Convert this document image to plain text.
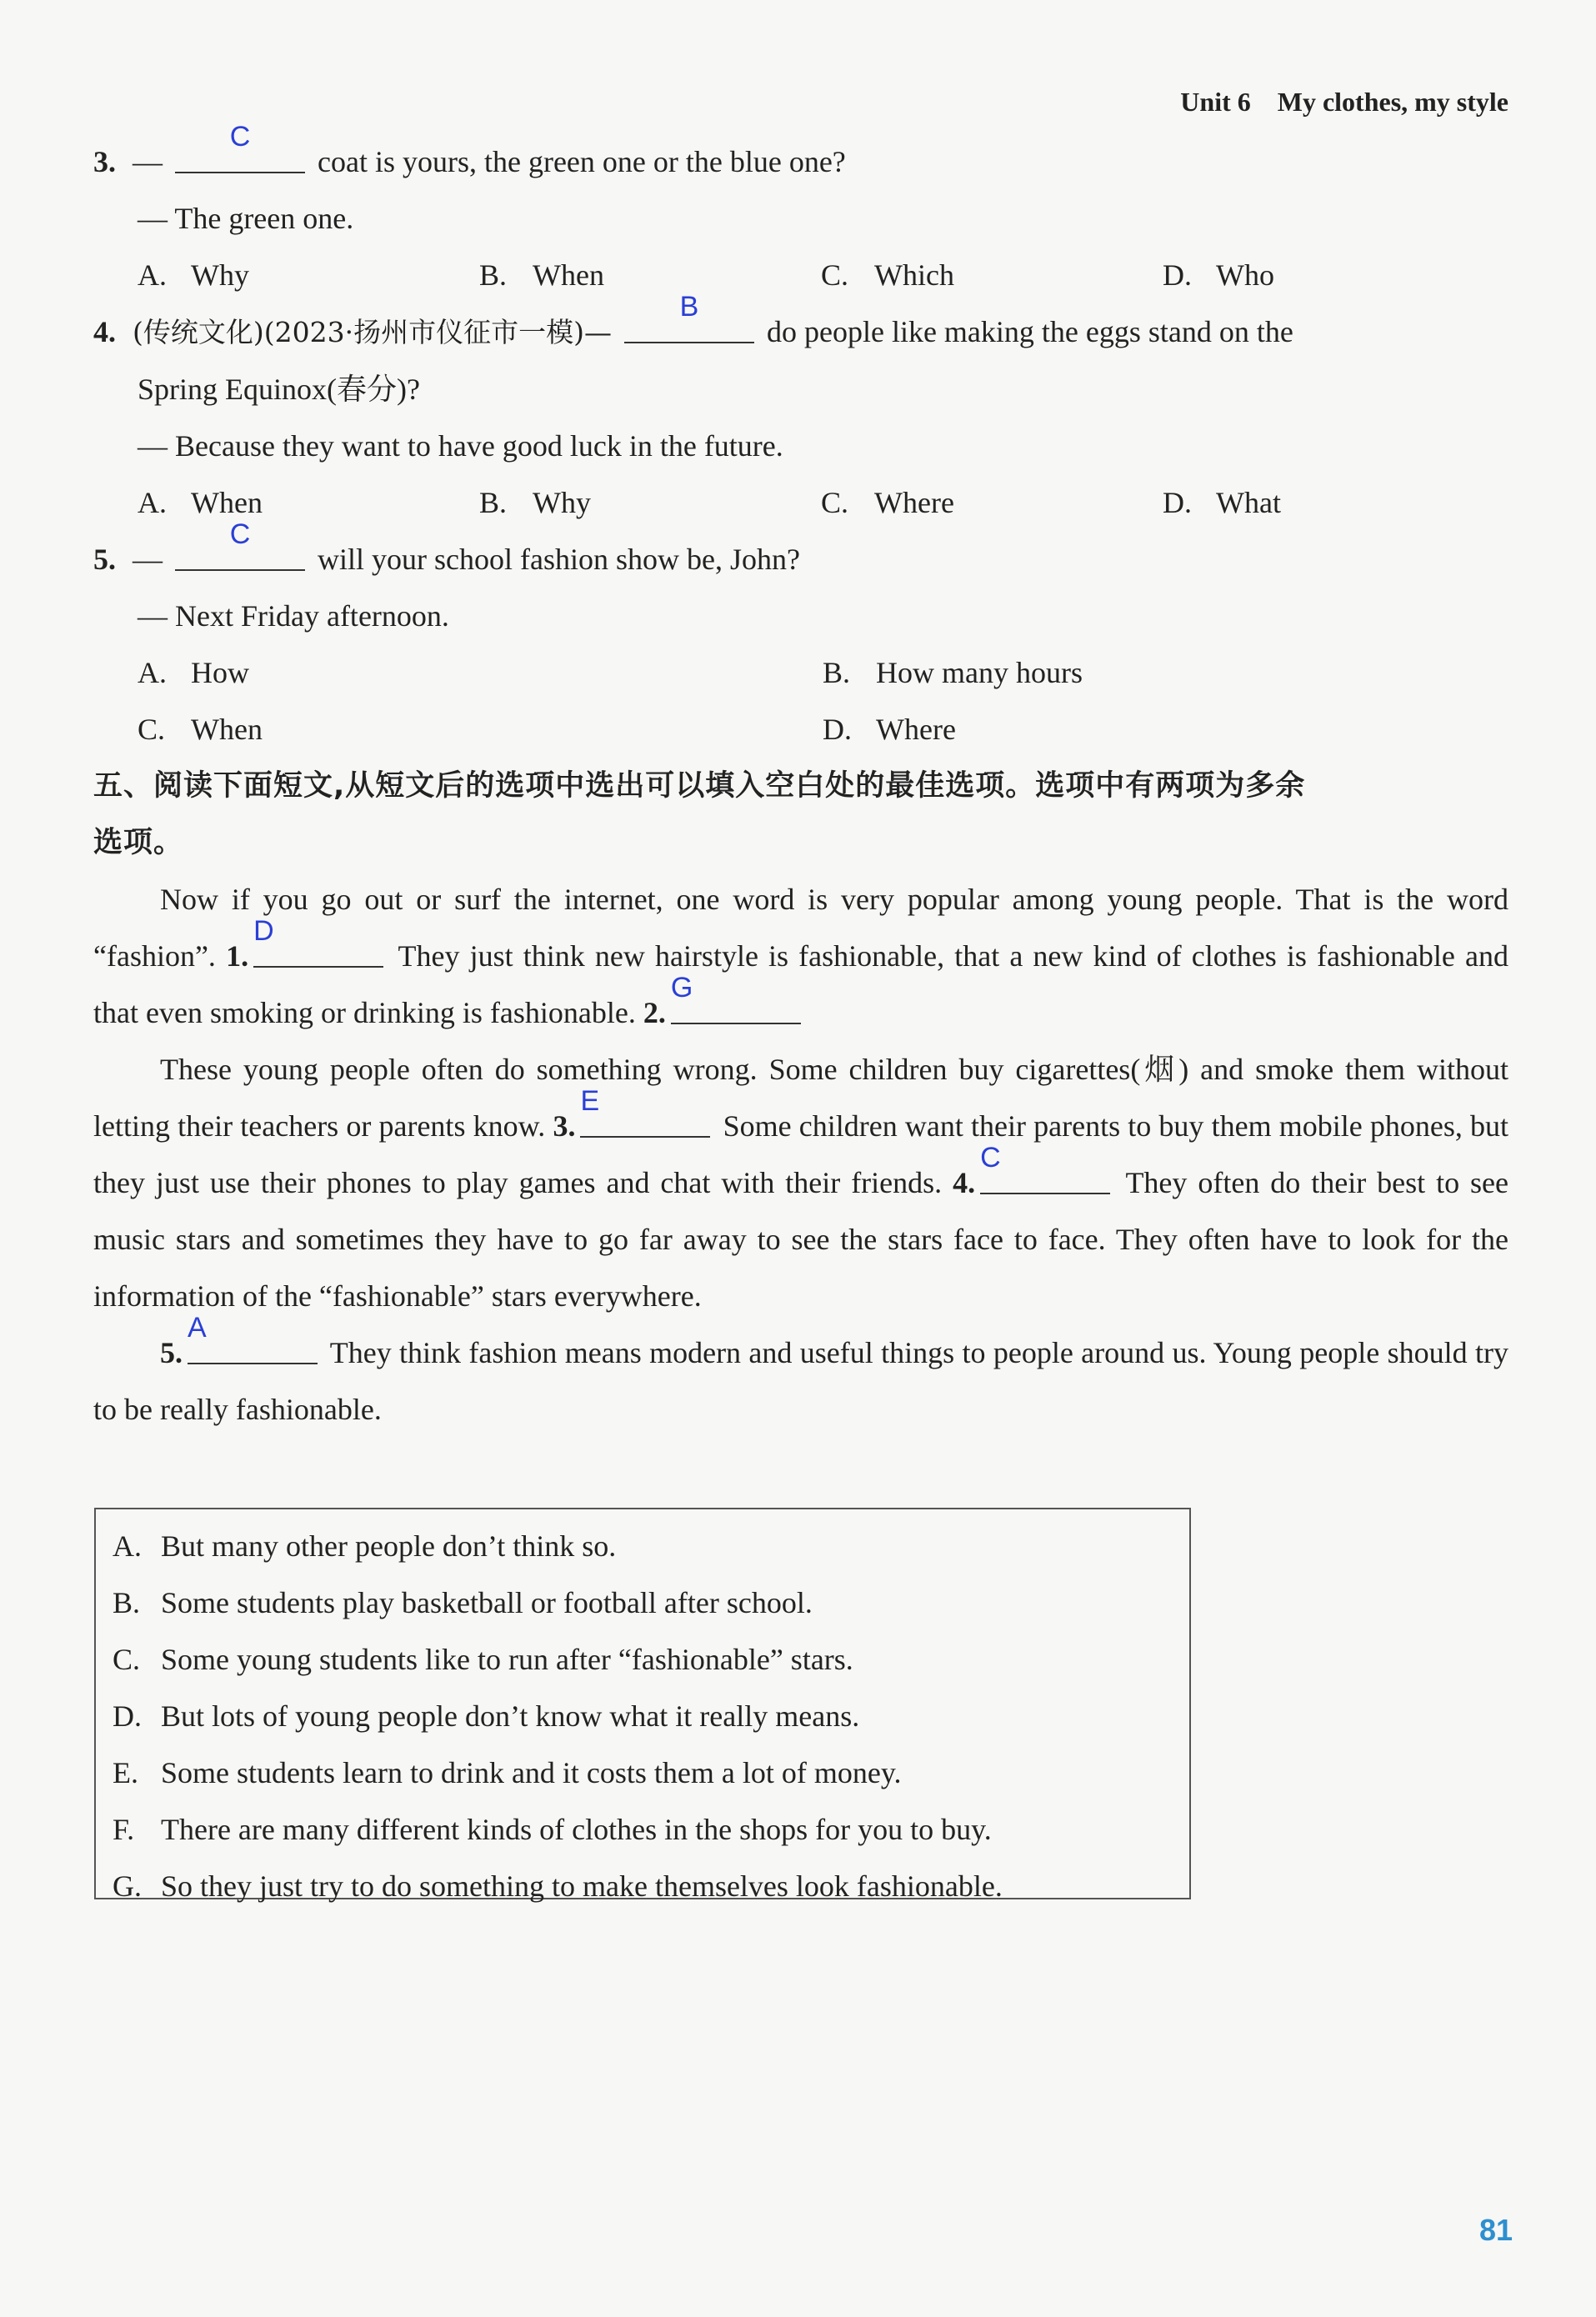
Unit 6 My clothes, my style
3. —
C
coat is yours, the green one or the blue one?
— The green one.
A. Why	B. When	C. Which	D. Who
4. (传统文化)(2023·扬州市仪征市一模)—
B
do people like making the eggs stand on the
Spring Equinox(春分)?
— Because they want to have good luck in the future.
A. When	B. Why	C. Where	D. What
5. —
C
will your school fashion show be, John?
— Next Friday afternoon.
A. How	B. How many hours
C. When	D. Where
五、阅读下面短文,从短文后的选项中选出可以填入空白处的最佳选项。选项中有两项为多余
选项。
Now if you go out or surf the internet, one word is very popular among young people. That is the word “fashion”. 1.
D
They just think new hairstyle is fashionable, that a new kind of clothes is fashionable and that even smoking or drinking is fashionable. 2.
G
These young people often do something wrong. Some children buy cigarettes(烟) and smoke them without letting their teachers or parents know. 3.
E
Some children want their parents to buy them mobile phones, but they just use their phones to play games and chat with their friends. 4.
C
They often do their best to see music stars and sometimes they have to go far away to see the stars face to face. They often have to look for the information of the “fashionable” stars everywhere.
5.
A
They think fashion means modern and useful things to people around us. Young people should try to be really fashionable.
A. But many other people don’t think so.
B. Some students play basketball or football after school.
C. Some young students like to run after “fashionable” stars.
D. But lots of young people don’t know what it really means.
E. Some students learn to drink and it costs them a lot of money.
F. There are many different kinds of clothes in the shops for you to buy.
G. So they just try to do something to make themselves look fashionable.
81
